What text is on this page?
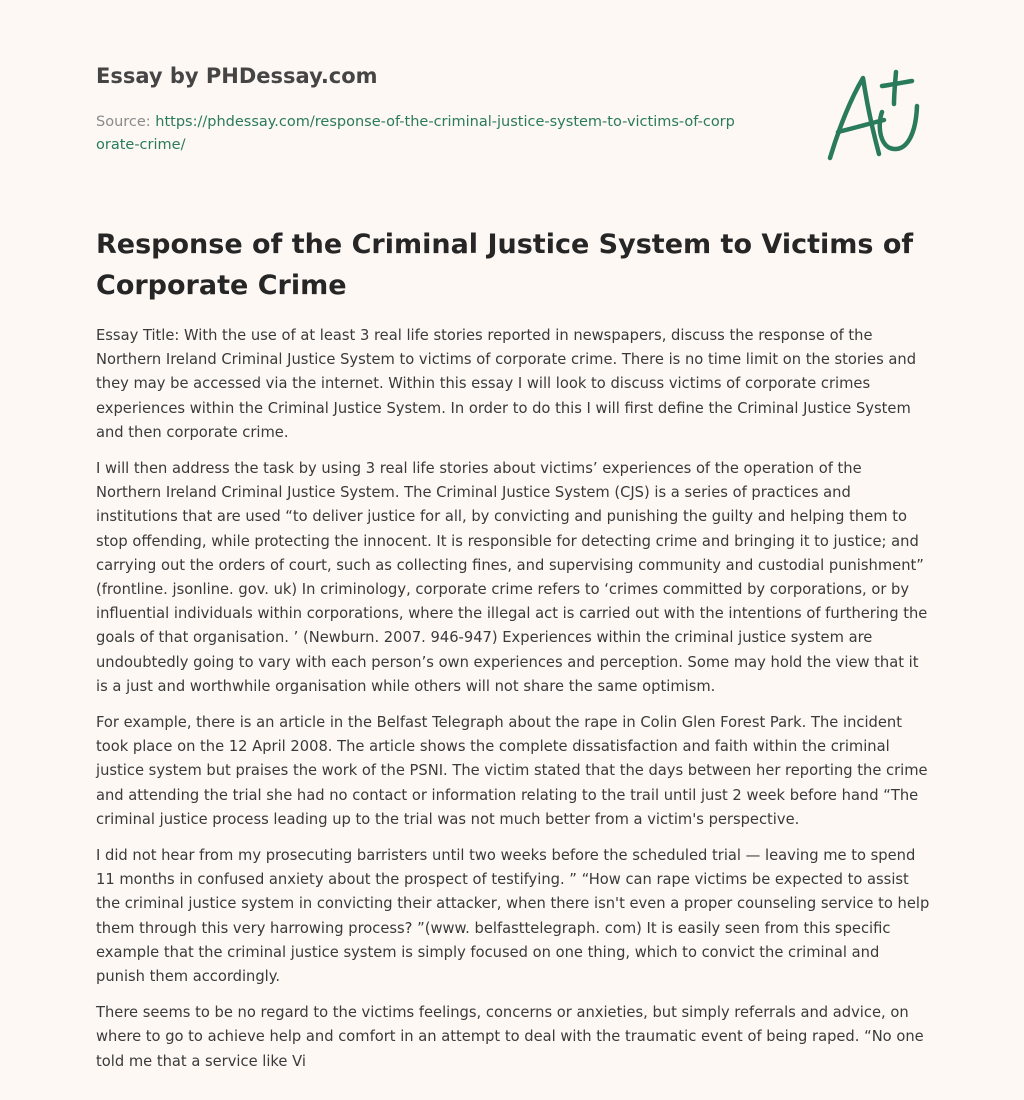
Essay by PHDessay.com
Source: https://phdessay.com/response-of-the-criminal-justice-system-to-victims-of-corporate-crime/
Response of the Criminal Justice System to Victims of Corporate Crime

Essay Title: With the use of at least 3 real life stories reported in newspapers, discuss the response of the Northern Ireland Criminal Justice System to victims of corporate crime. There is no time limit on the stories and they may be accessed via the internet. Within this essay I will look to discuss victims of corporate crimes experiences within the Criminal Justice System. In order to do this I will first define the Criminal Justice System and then corporate crime.

I will then address the task by using 3 real life stories about victims’ experiences of the operation of the Northern Ireland Criminal Justice System. The Criminal Justice System (CJS) is a series of practices and institutions that are used “to deliver justice for all, by convicting and punishing the guilty and helping them to stop offending, while protecting the innocent. It is responsible for detecting crime and bringing it to justice; and carrying out the orders of court, such as collecting fines, and supervising community and custodial punishment” (frontline. jsonline. gov. uk) In criminology, corporate crime refers to ‘crimes committed by corporations, or by influential individuals within corporations, where the illegal act is carried out with the intentions of furthering the goals of that organisation. ’ (Newburn. 2007. 946-947) Experiences within the criminal justice system are undoubtedly going to vary with each person’s own experiences and perception. Some may hold the view that it is a just and worthwhile organisation while others will not share the same optimism.

For example, there is an article in the Belfast Telegraph about the rape in Colin Glen Forest Park. The incident took place on the 12 April 2008. The article shows the complete dissatisfaction and faith within the criminal justice system but praises the work of the PSNI. The victim stated that the days between her reporting the crime and attending the trial she had no contact or information relating to the trail until just 2 week before hand “The criminal justice process leading up to the trial was not much better from a victim's perspective.

I did not hear from my prosecuting barristers until two weeks before the scheduled trial — leaving me to spend 11 months in confused anxiety about the prospect of testifying. ” “How can rape victims be expected to assist the criminal justice system in convicting their attacker, when there isn't even a proper counseling service to help them through this very harrowing process? ”(www. belfasttelegraph. com) It is easily seen from this specific example that the criminal justice system is simply focused on one thing, which to convict the criminal and punish them accordingly.

There seems to be no regard to the victims feelings, concerns or anxieties, but simply referrals and advice, on where to go to achieve help and comfort in an attempt to deal with the traumatic event of being raped. “No one told me that a service like Vi
